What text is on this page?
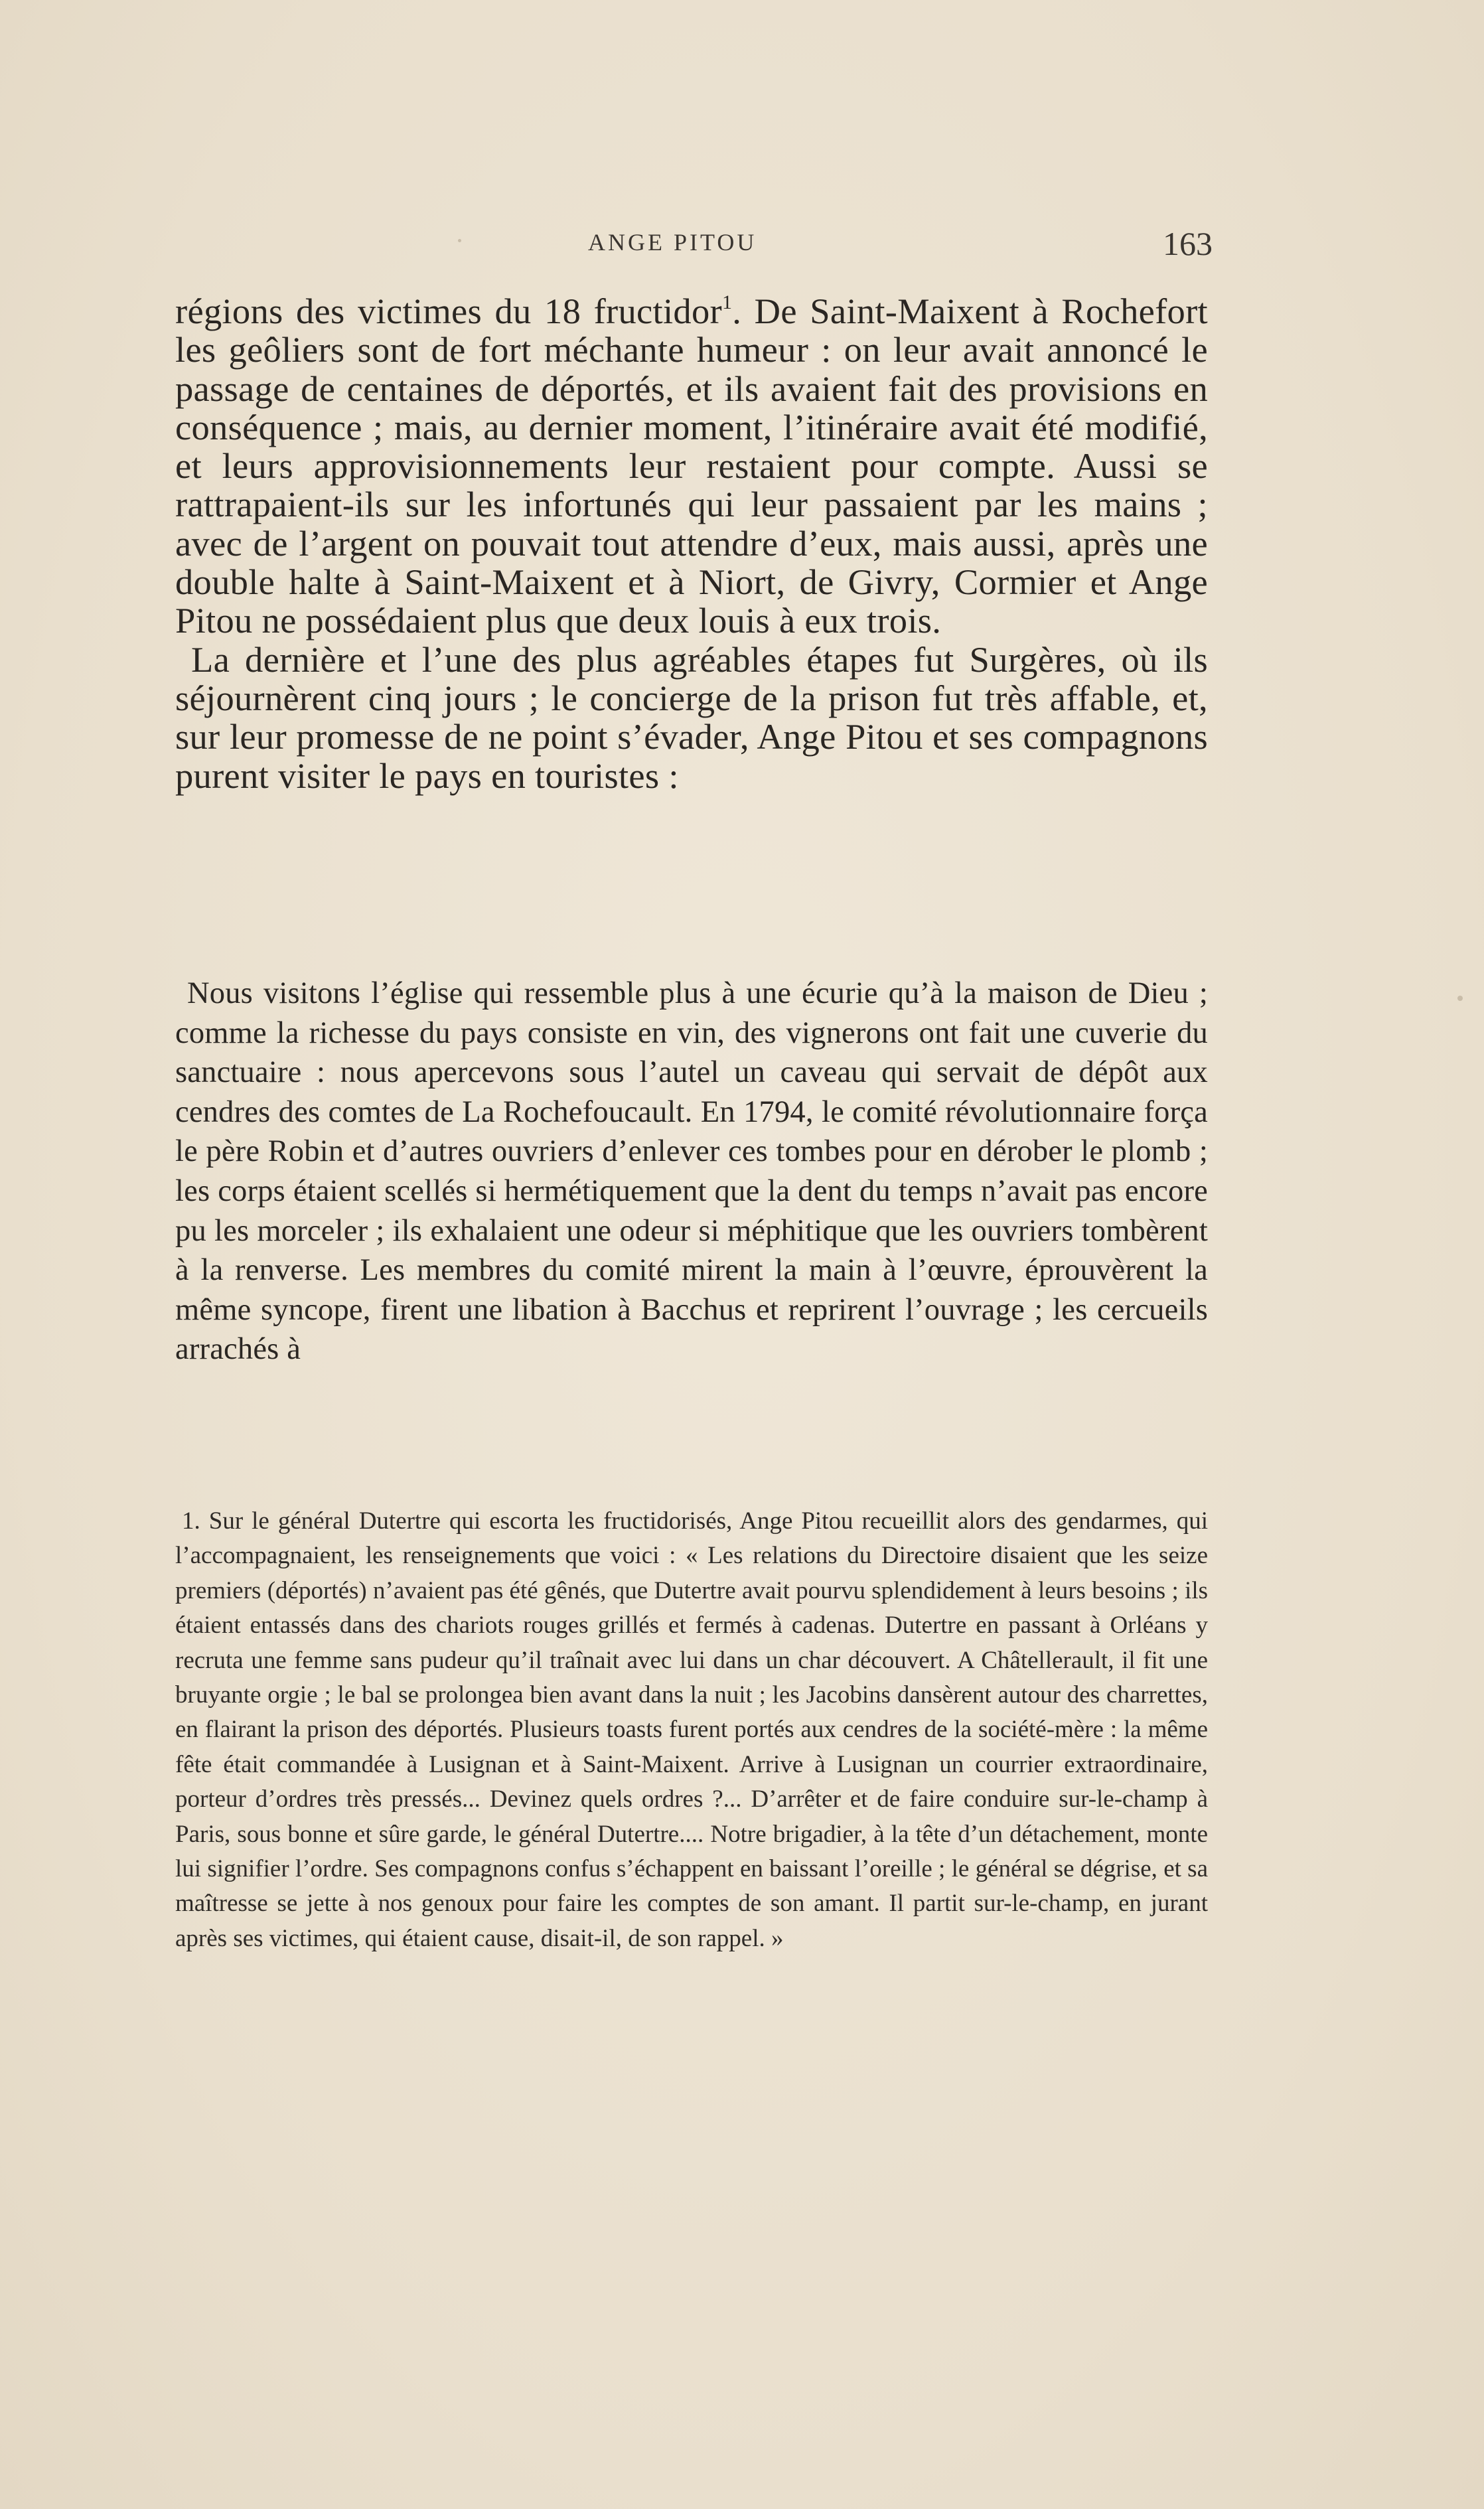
ANGE PITOU	163

régions des victimes du 18 fructidor$^1$. De Saint-Maixent à Rochefort les geôliers sont de fort méchante humeur : on leur avait annoncé le passage de centaines de déportés, et ils avaient fait des provisions en conséquence ; mais, au dernier moment, l’itinéraire avait été modifié, et leurs approvisionnements leur restaient pour compte. Aussi se rattrapaient-ils sur les infortunés qui leur passaient par les mains ; avec de l’argent on pouvait tout attendre d’eux, mais aussi, après une double halte à Saint-Maixent et à Niort, de Givry, Cormier et Ange Pitou ne possédaient plus que deux louis à eux trois.

La dernière et l’une des plus agréables étapes fut Surgères, où ils séjournèrent cinq jours ; le concierge de la prison fut très affable, et, sur leur promesse de ne point s’évader, Ange Pitou et ses compagnons purent visiter le pays en touristes :

Nous visitons l’église qui ressemble plus à une écurie qu’à la maison de Dieu ; comme la richesse du pays consiste en vin, des vignerons ont fait une cuverie du sanctuaire : nous apercevons sous l’autel un caveau qui servait de dépôt aux cendres des comtes de La Rochefoucault. En 1794, le comité révolutionnaire força le père Robin et d’autres ouvriers d’enlever ces tombes pour en dérober le plomb ; les corps étaient scellés si hermétiquement que la dent du temps n’avait pas encore pu les morceler ; ils exhalaient une odeur si méphitique que les ouvriers tombèrent à la renverse. Les membres du comité mirent la main à l’œuvre, éprouvèrent la même syncope, firent une libation à Bacchus et reprirent l’ouvrage ; les cercueils arrachés à

1. Sur le général Dutertre qui escorta les fructidorisés, Ange Pitou recueillit alors des gendarmes, qui l’accompagnaient, les renseignements que voici : « Les relations du Directoire disaient que les seize premiers (déportés) n’avaient pas été gênés, que Dutertre avait pourvu splendidement à leurs besoins ; ils étaient entassés dans des chariots rouges grillés et fermés à cadenas. Dutertre en passant à Orléans y recruta une femme sans pudeur qu’il traînait avec lui dans un char découvert. A Châtellerault, il fit une bruyante orgie ; le bal se prolongea bien avant dans la nuit ; les Jacobins dansèrent autour des charrettes, en flairant la prison des déportés. Plusieurs toasts furent portés aux cendres de la société-mère : la même fête était commandée à Lusignan et à Saint-Maixent. Arrive à Lusignan un courrier extraordinaire, porteur d’ordres très pressés... Devinez quels ordres ?... D’arrêter et de faire conduire sur-le-champ à Paris, sous bonne et sûre garde, le général Dutertre.... Notre brigadier, à la tête d’un détachement, monte lui signifier l’ordre. Ses compagnons confus s’échappent en baissant l’oreille ; le général se dégrise, et sa maîtresse se jette à nos genoux pour faire les comptes de son amant. Il partit sur-le-champ, en jurant après ses victimes, qui étaient cause, disait-il, de son rappel. »
